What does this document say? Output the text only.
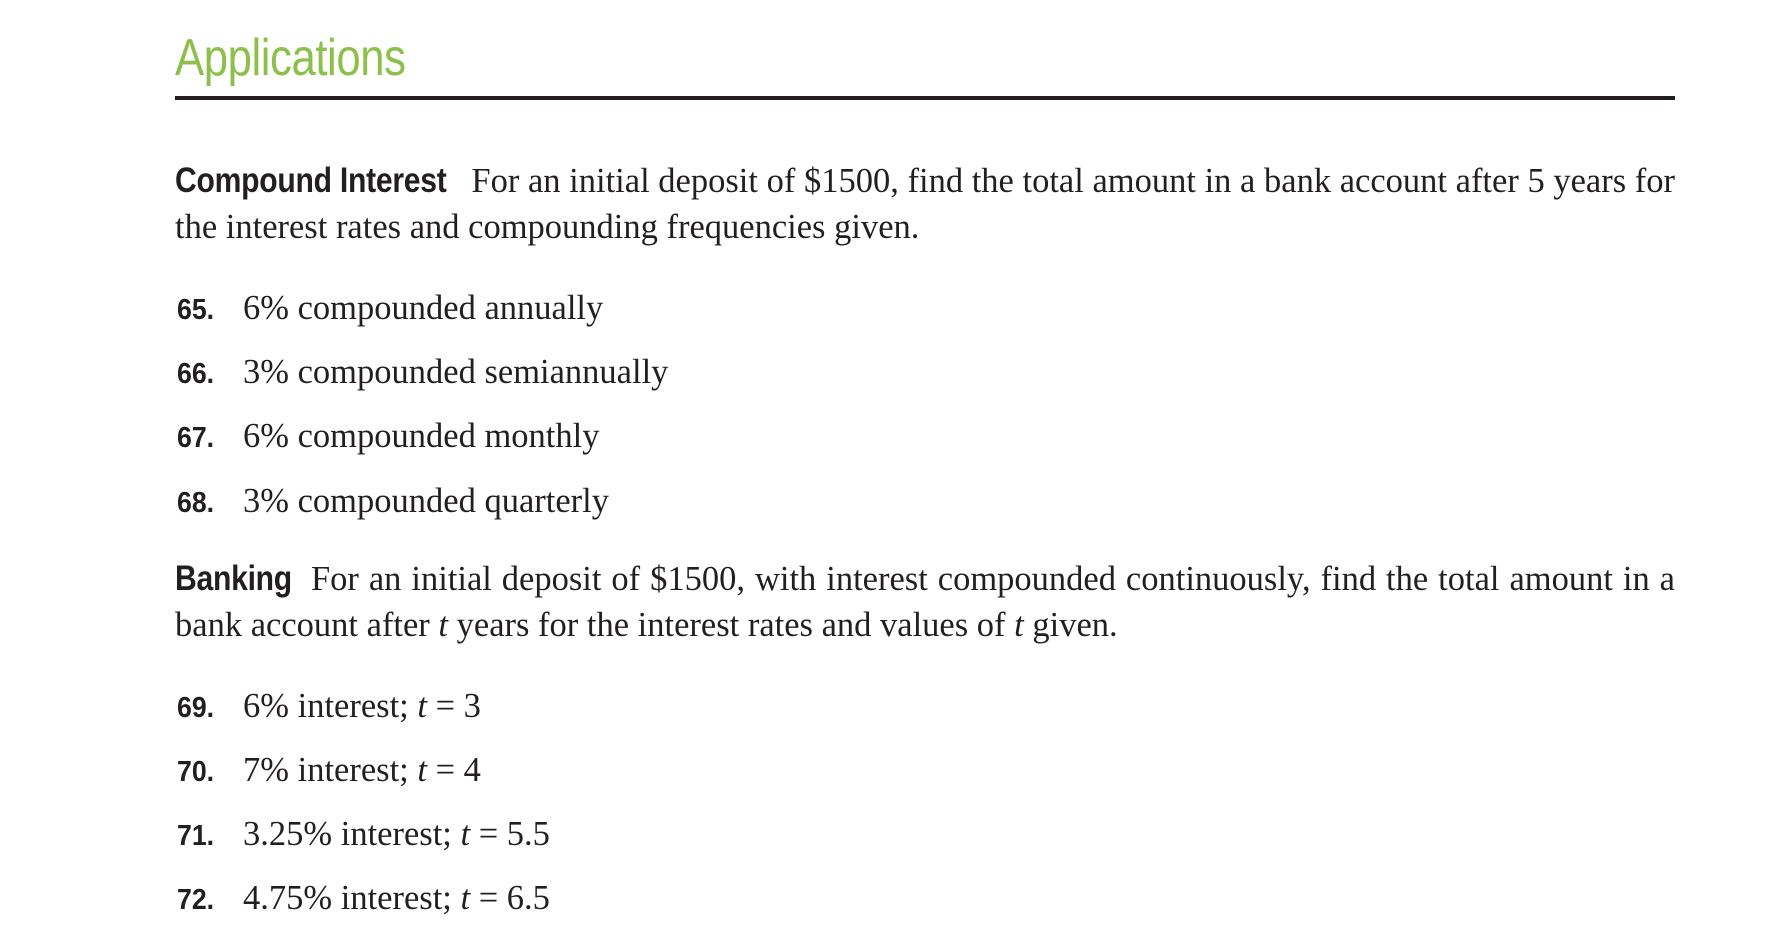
Applications
Compound Interest For an initial deposit of $1500, find the total amount in a bank account after 5 years for the interest rates and compounding frequencies given.
65. 6% compounded annually
66. 3% compounded semiannually
67. 6% compounded monthly
68. 3% compounded quarterly
Banking For an initial deposit of $1500, with interest compounded continuously, find the total amount in a bank account after t years for the interest rates and values of t given.
69. 6% interest; t = 3
70. 7% interest; t = 4
71. 3.25% interest; t = 5.5
72. 4.75% interest; t = 6.5
